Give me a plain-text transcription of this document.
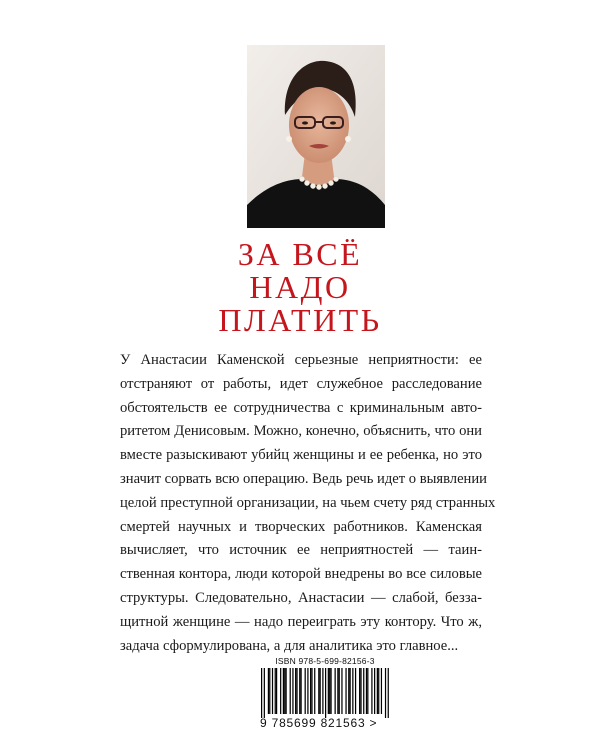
ЗА ВСЁ
НАДО
ПЛАТИТЬ
У Анастасии Каменской серьезные неприятности: ее
отстраняют от работы, идет служебное расследование
обстоятельств ее сотрудничества с криминальным авто-
ритетом Денисовым. Можно, конечно, объяснить, что они
вместе разыскивают убийц женщины и ее ребенка, но это
значит сорвать всю операцию. Ведь речь идет о выявлении
целой преступной организации, на чьем счету ряд странных
смертей научных и творческих работников. Каменская
вычисляет, что источник ее неприятностей — таин-
ственная контора, люди которой внедрены во все силовые
структуры. Следовательно, Анастасии — слабой, безза-
щитной женщине — надо переиграть эту контору. Что ж,
задача сформулирована, а для аналитика это главное...
ISBN 978-5-699-82156-3
9 785699 821563 >
